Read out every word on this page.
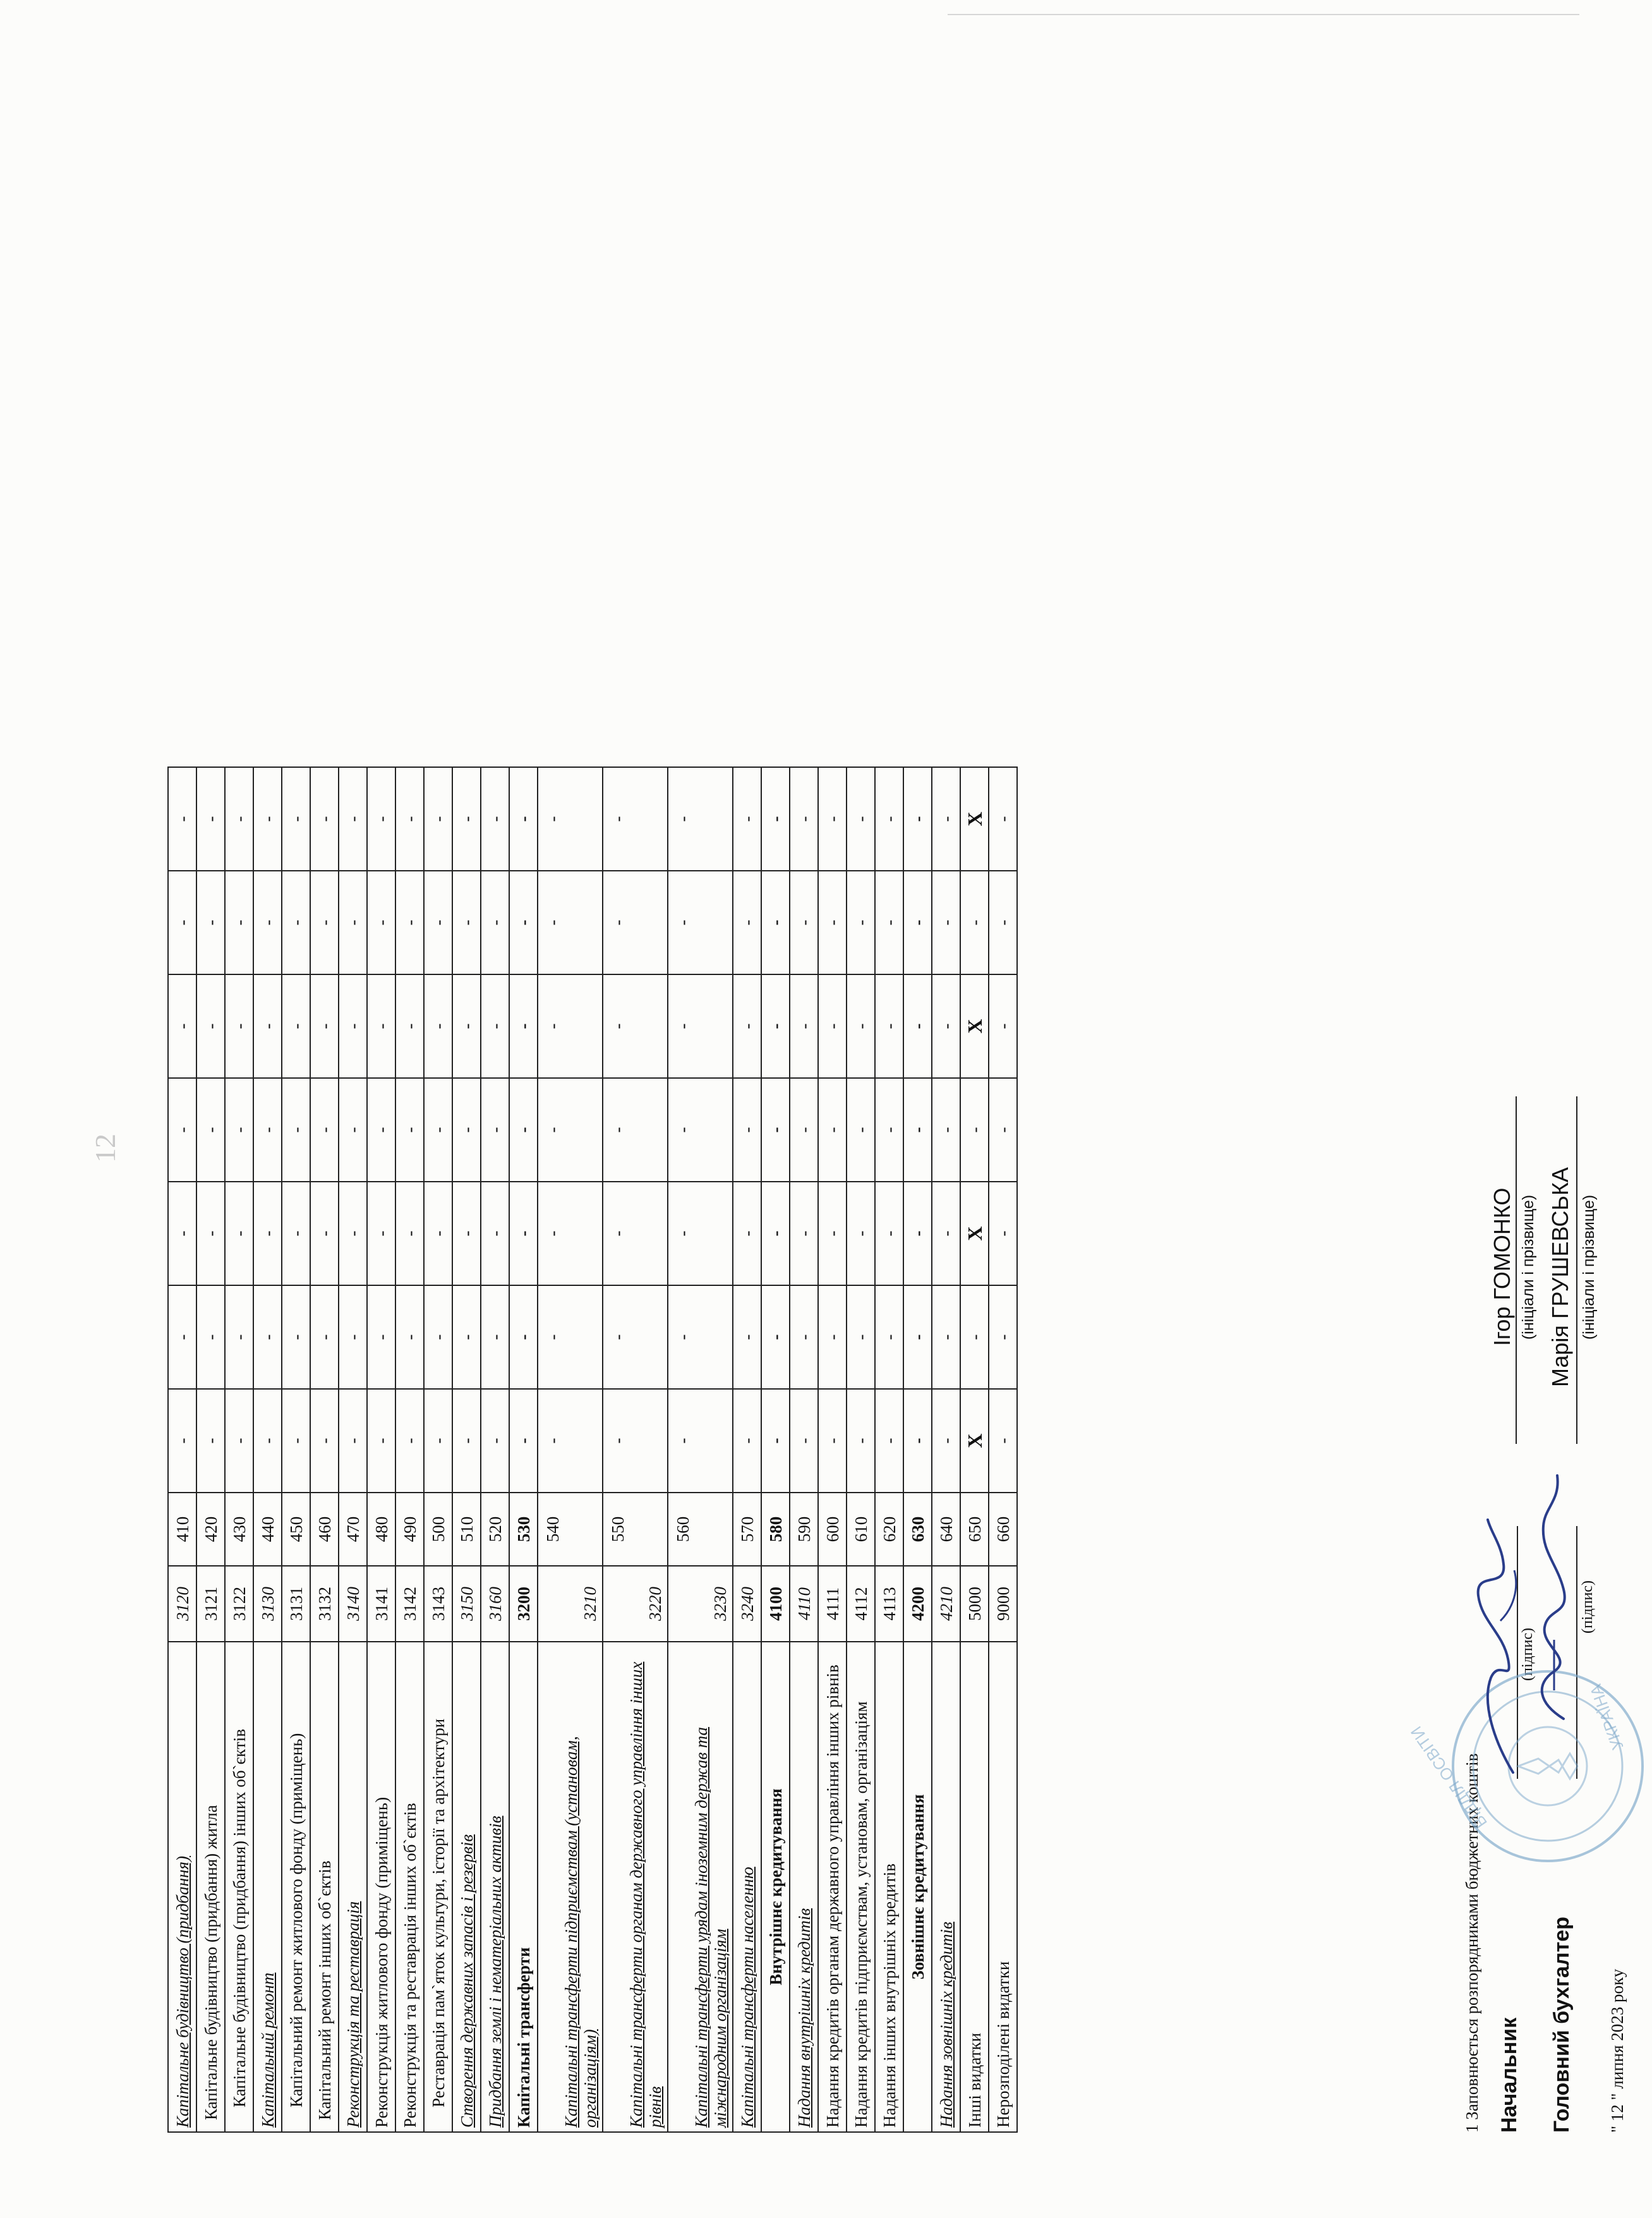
12
Капітальне будівництво (придбання)	3120	410	-	-	-	-	-	-	-
Капітальне будівництво (придбання) житла	3121	420	-	-	-	-	-	-	-
Капітальне будівництво (придбання) інших об`єктів	3122	430	-	-	-	-	-	-	-
Капітальний ремонт	3130	440	-	-	-	-	-	-	-
Капітальний ремонт житлового фонду (приміщень)	3131	450	-	-	-	-	-	-	-
Капітальний ремонт інших об`єктів	3132	460	-	-	-	-	-	-	-
Реконструкція та реставрація	3140	470	-	-	-	-	-	-	-
Реконструкція житлового фонду (приміщень)	3141	480	-	-	-	-	-	-	-
Реконструкція та реставрація інших об`єктів	3142	490	-	-	-	-	-	-	-
Реставрація пам`яток культури, історії та архітектури	3143	500	-	-	-	-	-	-	-
Створення державних запасів і резервів	3150	510	-	-	-	-	-	-	-
Придбання землі і нематеріальних активів	3160	520	-	-	-	-	-	-	-
Капітальні трансферти	3200	530	-	-	-	-	-	-	-
Капітальні трансферти підприємствам (установам, організаціям)	3210	540	-	-	-	-	-	-	-
Капітальні трансферти органам державного управління інших рівнів	3220	550	-	-	-	-	-	-	-
Капітальні трансферти урядам іноземним держав та міжнародним організаціям	3230	560	-	-	-	-	-	-	-
Капітальні трансферти населенню	3240	570	-	-	-	-	-	-	-
Внутрішнє кредитування	4100	580	-	-	-	-	-	-	-
Надання внутрішніх кредитів	4110	590	-	-	-	-	-	-	-
Надання кредитів органам державного управління інших рівнів	4111	600	-	-	-	-	-	-	-
Надання кредитів підприємствам, установам, організаціям	4112	610	-	-	-	-	-	-	-
Надання інших внутрішніх кредитів	4113	620	-	-	-	-	-	-	-
Зовнішнє кредитування	4200	630	-	-	-	-	-	-	-
Надання зовнішніх кредитів	4210	640	-	-	-	-	-	-	-
Інші видатки	5000	650	X	-	X	-	X	-	X
Нерозподілені видатки	9000	660	-	-	-	-	-	-	-
1 Заповнюється розпорядниками бюджетних коштів Начальник
(підпис)
Ігор ГОМОНКО (ініціали і прізвище)
Головний бухгалтер
(підпис)
Марія ГРУШЕВСЬКА (ініціали і прізвище)
" 12 " липня 2023 року
ВІДДІЛ ОСВІТИ
УКРАЇНА
